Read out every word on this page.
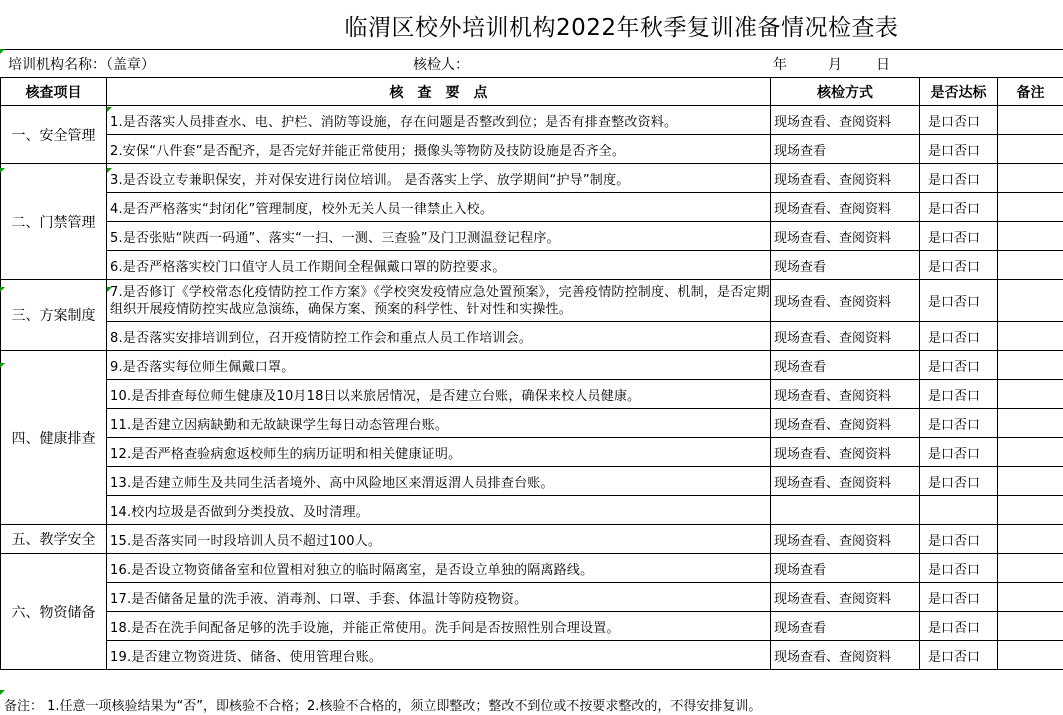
临渭区校外培训机构2022年秋季复训准备情况检查表
培训机构名称：（盖章）	核检人：	年	月 日
核查项目	核　查　要　点	核检方式	是否达标	备注
一、安全管理	1.是否落实人员排查水、电、护栏、消防等设施，存在问题是否整改到位；是否有排查整改资料。	现场查看、查阅资料	是口否口	
	2.安保“八件套”是否配齐，是否完好并能正常使用；摄像头等物防及技防设施是否齐全。	现场查看	是口否口	
二、门禁管理	3.是否设立专兼职保安，并对保安进行岗位培训。 是否落实上学、放学期间“护导”制度。	现场查看、查阅资料	是口否口	
	4.是否严格落实“封闭化”管理制度，校外无关人员一律禁止入校。	现场查看、查阅资料	是口否口	
	5.是否张贴“陕西一码通”、落实“一扫、一测、三查验”及门卫测温登记程序。	现场查看、查阅资料	是口否口	
	6.是否严格落实校门口值守人员工作期间全程佩戴口罩的防控要求。	现场查看	是口否口	
三、方案制度	7.是否修订《学校常态化疫情防控工作方案》《学校突发疫情应急处置预案》，完善疫情防控制度、机制，是否定期组织开展疫情防控实战应急演练，确保方案、预案的科学性、针对性和实操性。	现场查看、查阅资料	是口否口	
	8.是否落实安排培训到位，召开疫情防控工作会和重点人员工作培训会。	现场查看、查阅资料	是口否口	
四、健康排查	9.是否落实每位师生佩戴口罩。	现场查看	是口否口	
	10.是否排查每位师生健康及10月18日以来旅居情况，是否建立台账，确保来校人员健康。	现场查看、查阅资料	是口否口	
	11.是否建立因病缺勤和无故缺课学生每日动态管理台账。	现场查看、查阅资料	是口否口	
	12.是否严格查验病愈返校师生的病历证明和相关健康证明。	现场查看、查阅资料	是口否口	
	13.是否建立师生及共同生活者境外、高中风险地区来渭返渭人员排查台账。	现场查看、查阅资料	是口否口	
	14.校内垃圾是否做到分类投放、及时清理。			
五、教学安全	15.是否落实同一时段培训人员不超过100人。	现场查看、查阅资料	是口否口	
六、物资储备	16.是否设立物资储备室和位置相对独立的临时隔离室，是否设立单独的隔离路线。	现场查看	是口否口	
	17.是否储备足量的洗手液、消毒剂、口罩、手套、体温计等防疫物资。	现场查看、查阅资料	是口否口	
	18.是否在洗手间配备足够的洗手设施，并能正常使用。洗手间是否按照性别合理设置。	现场查看	是口否口	
	19.是否建立物资进货、储备、使用管理台账。	现场查看、查阅资料	是口否口	
备注： 1.任意一项核验结果为“否”，即核验不合格；2.核验不合格的，须立即整改；整改不到位或不按要求整改的，不得安排复训。
